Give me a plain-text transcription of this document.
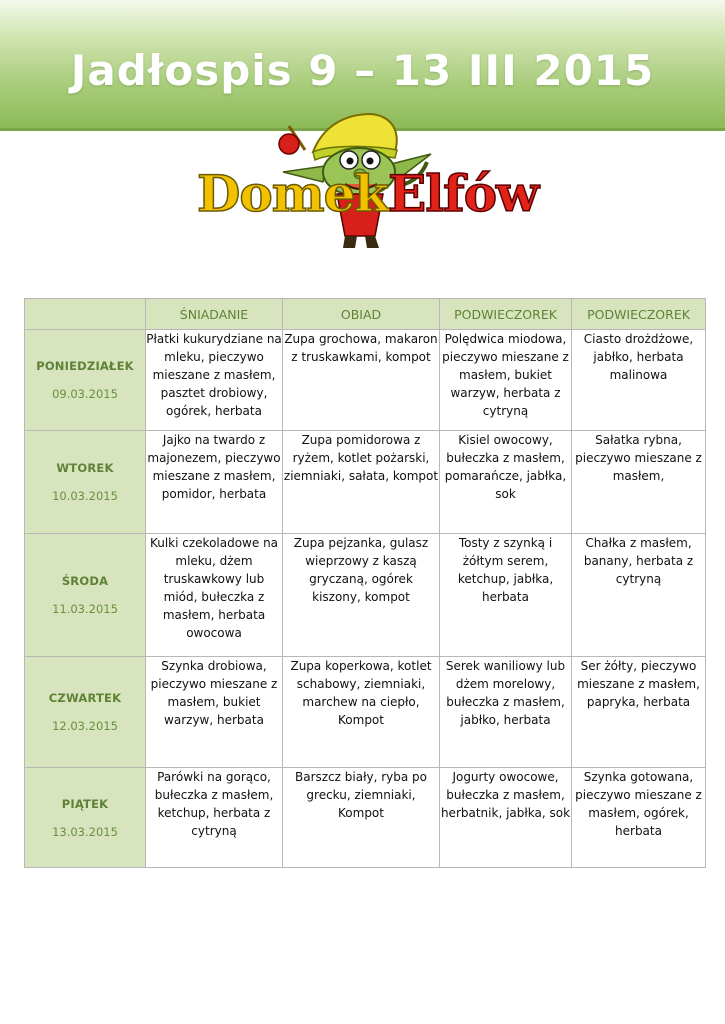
Jadłospis 9 – 13 III 2015
DomekElfów
	ŚNIADANIE	OBIAD	PODWIECZOREK	PODWIECZOREK

PONIEDZIAŁEK
09.03.2015	Płatki kukurydziane na mleku, pieczywo mieszane z masłem, pasztet drobiowy, ogórek, herbata	Zupa grochowa, makaron z truskawkami, kompot	Polędwica miodowa, pieczywo mieszane z masłem, bukiet warzyw, herbata z cytryną	Ciasto drożdżowe, jabłko, herbata malinowa

WTOREK
10.03.2015	Jajko na twardo z majonezem, pieczywo mieszane z masłem, pomidor, herbata	Zupa pomidorowa z ryżem, kotlet pożarski, ziemniaki, sałata, kompot	Kisiel owocowy, bułeczka z masłem, pomarańcze, jabłka, sok	Sałatka rybna, pieczywo mieszane z masłem,

ŚRODA
11.03.2015	Kulki czekoladowe na mleku, dżem truskawkowy lub miód, bułeczka z masłem, herbata owocowa	Zupa pejzanka, gulasz wieprzowy z kaszą gryczaną, ogórek kiszony, kompot	Tosty z szynką i żółtym serem, ketchup, jabłka, herbata	Chałka z masłem, banany, herbata z cytryną

CZWARTEK
12.03.2015	Szynka drobiowa, pieczywo mieszane z masłem, bukiet warzyw, herbata	Zupa koperkowa, kotlet schabowy, ziemniaki, marchew na ciepło, Kompot	Serek waniliowy lub dżem morelowy, bułeczka z masłem, jabłko, herbata	Ser żółty, pieczywo mieszane z masłem, papryka, herbata

PIĄTEK
13.03.2015	Parówki na gorąco, bułeczka z masłem, ketchup, herbata z cytryną	Barszcz biały, ryba po grecku, ziemniaki, Kompot	Jogurty owocowe, bułeczka z masłem, herbatnik, jabłka, sok	Szynka gotowana, pieczywo mieszane z masłem, ogórek, herbata
